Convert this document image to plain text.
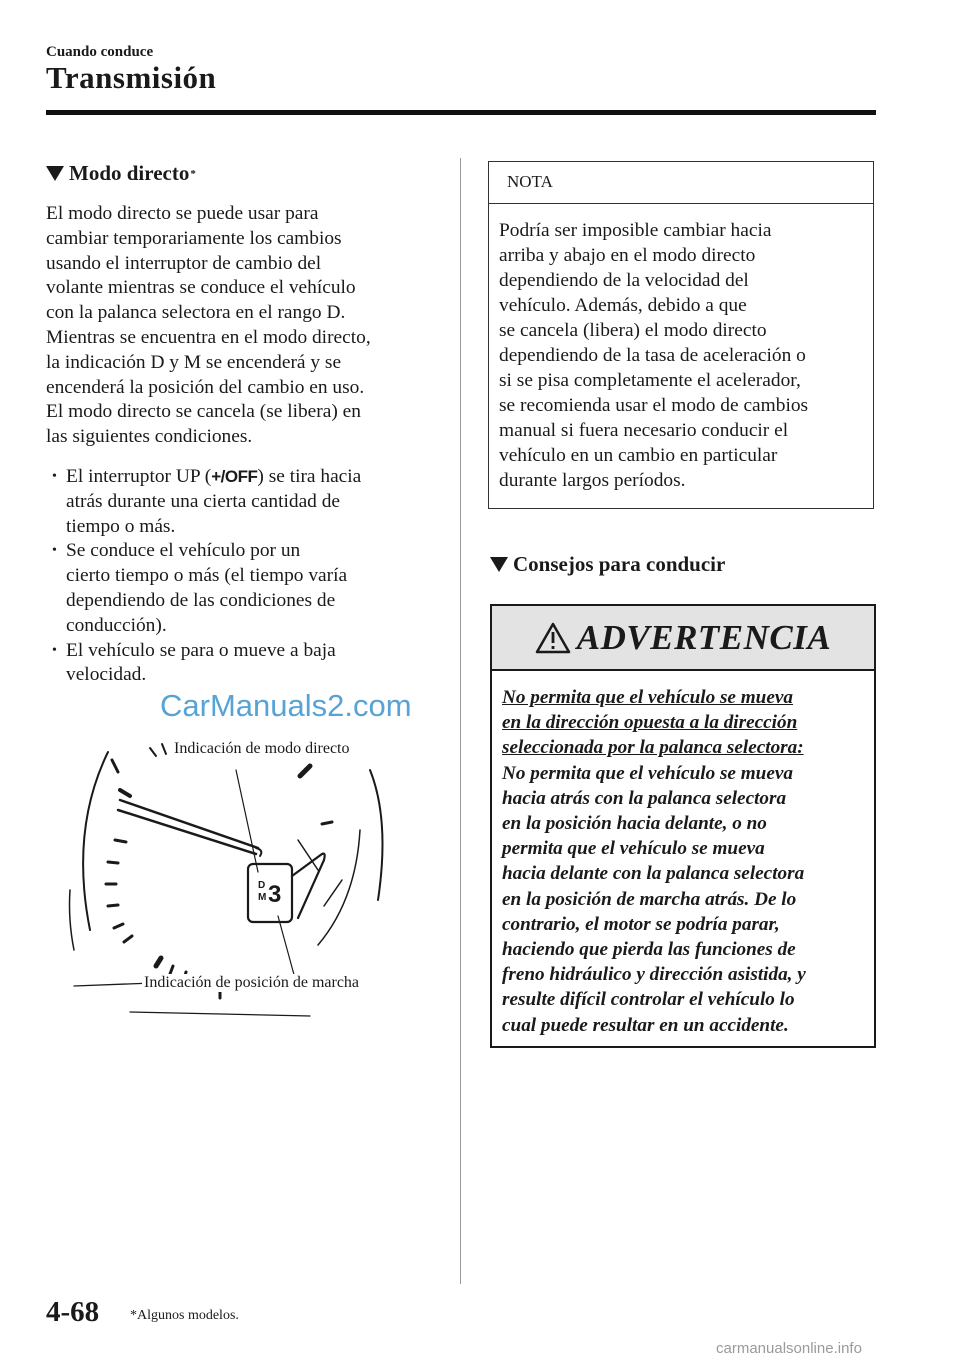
Cuando conduce
Transmisión
Modo directo *
El modo directo se puede usar para
cambiar temporariamente los cambios
usando el interruptor de cambio del
volante mientras se conduce el vehículo
con la palanca selectora en el rango D.
Mientras se encuentra en el modo directo,
la indicación D y M se encenderá y se
encenderá la posición del cambio en uso.
El modo directo se cancela (se libera) en
las siguientes condiciones.
• El interruptor UP (+/OFF) se tira hacia
atrás durante una cierta cantidad de
tiempo o más.
• Se conduce el vehículo por un
cierto tiempo o más (el tiempo varía
dependiendo de las condiciones de
conducción).
• El vehículo se para o mueve a baja
velocidad.
D
M 3
Indicación de modo directo
Indicación de posición de marcha
NOTA
Podría ser imposible cambiar hacia
arriba y abajo en el modo directo
dependiendo de la velocidad del
vehículo. Además, debido a que
se cancela (libera) el modo directo
dependiendo de la tasa de aceleración o
si se pisa completamente el acelerador,
se recomienda usar el modo de cambios
manual si fuera necesario conducir el
vehículo en un cambio en particular
durante largos períodos.
Consejos para conducir
ADVERTENCIA
No permita que el vehículo se mueva
en la dirección opuesta a la dirección
seleccionada por la palanca selectora:
No permita que el vehículo se mueva
hacia atrás con la palanca selectora
en la posición hacia delante, o no
permita que el vehículo se mueva
hacia delante con la palanca selectora
en la posición de marcha atrás. De lo
contrario, el motor se podría parar,
haciendo que pierda las funciones de
freno hidráulico y dirección asistida, y
resulte difícil controlar el vehículo lo
cual puede resultar en un accidente.
CarManuals2.com
4-68 *Algunos modelos.
carmanualsonline.info
